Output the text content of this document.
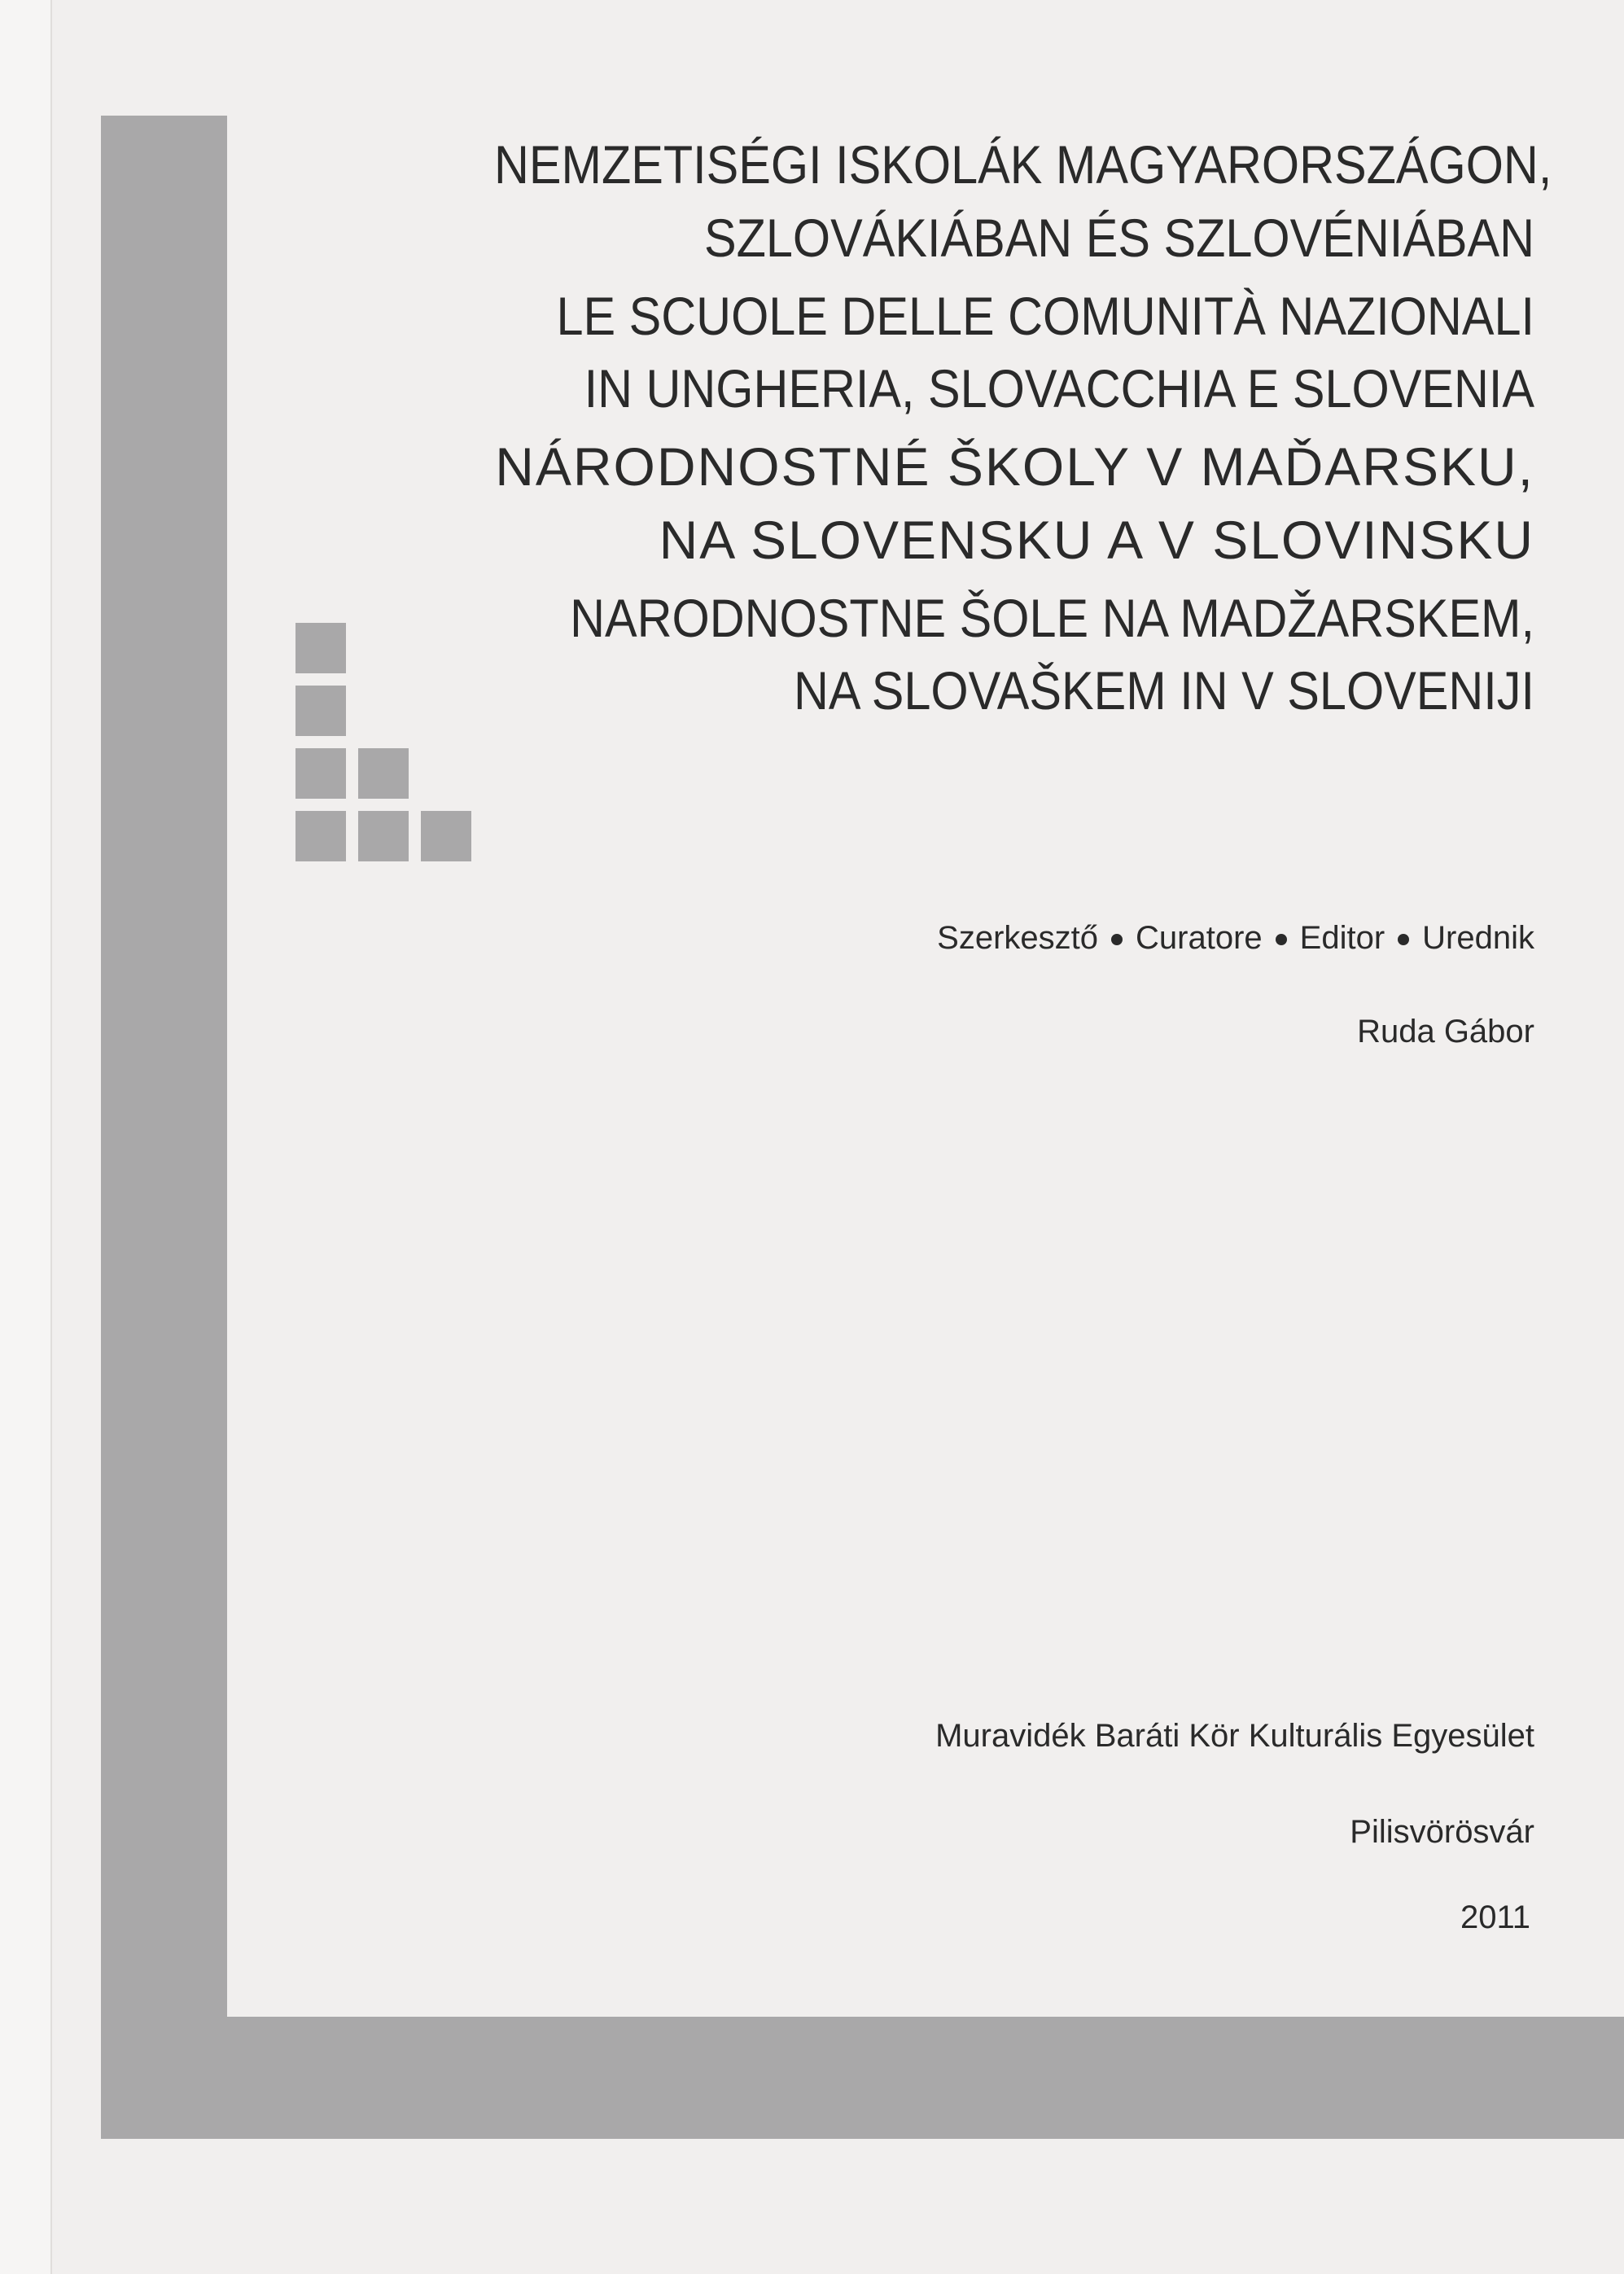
NEMZETISÉGI ISKOLÁK MAGYARORSZÁGON,
SZLOVÁKIÁBAN ÉS SZLOVÉNIÁBAN
LE SCUOLE DELLE COMUNITÀ NAZIONALI
IN UNGHERIA, SLOVACCHIA E SLOVENIA
NÁRODNOSTNÉ ŠKOLY V MAĎARSKU,
NA SLOVENSKU A V SLOVINSKU
NARODNOSTNE ŠOLE NA MADŽARSKEM,
NA SLOVAŠKEM IN V SLOVENIJI
Szerkesztő Curatore Editor Urednik
Ruda Gábor
Muravidék Baráti Kör Kulturális Egyesület
Pilisvörösvár
2011
